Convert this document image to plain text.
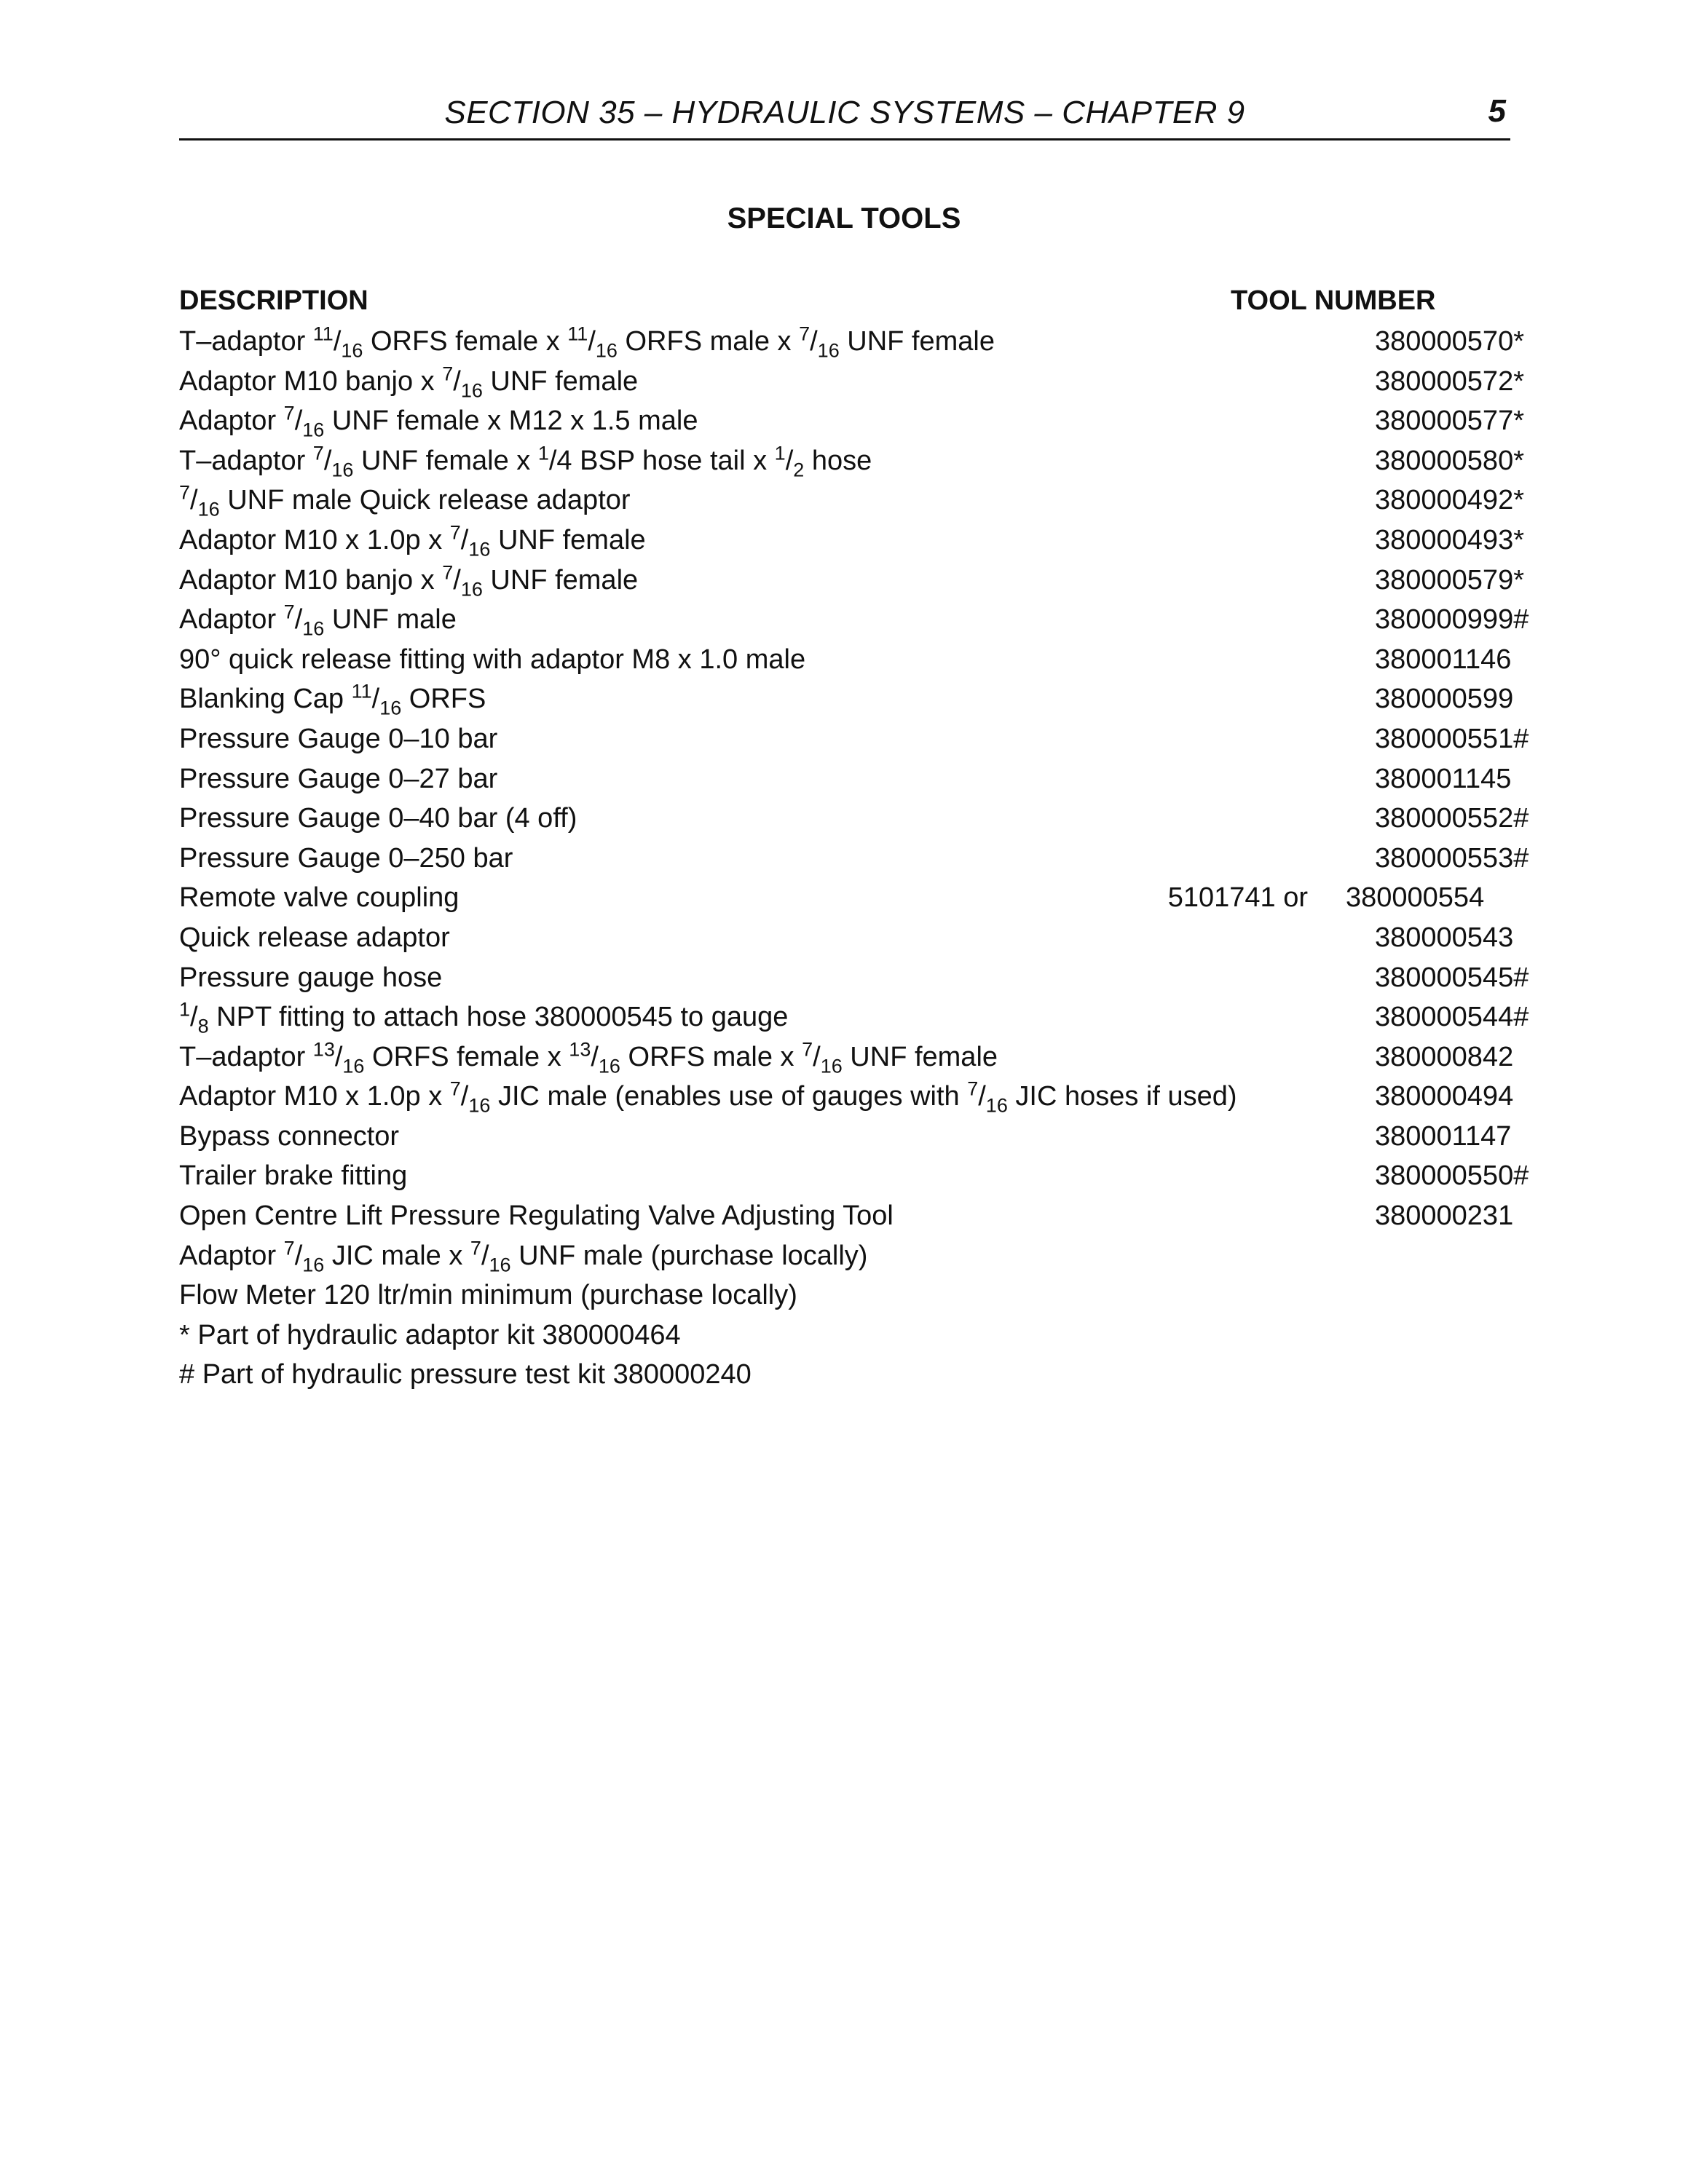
SECTION 35 – HYDRAULIC SYSTEMS – CHAPTER 9	5
SPECIAL TOOLS
DESCRIPTION	TOOL NUMBER
T–adaptor $^{11}/_{16}$ ORFS female x $^{11}/_{16}$ ORFS male x $^7/_{16}$ UNF female	380000570*
Adaptor M10 banjo x $^7/_{16}$ UNF female	380000572*
Adaptor $^7/_{16}$ UNF female x M12 x 1.5 male	380000577*
T–adaptor $^7/_{16}$ UNF female x $^1$/4 BSP hose tail x $^1/_2$ hose	380000580*
$^7/_{16}$ UNF male Quick release adaptor	380000492*
Adaptor M10 x 1.0p x $^7/_{16}$ UNF female	380000493*
Adaptor M10 banjo x $^7/_{16}$ UNF female	380000579*
Adaptor $^7/_{16}$ UNF male	380000999#
90° quick release fitting with adaptor M8 x 1.0 male	380001146
Blanking Cap $^{11}/_{16}$ ORFS	380000599
Pressure Gauge 0–10 bar	380000551#
Pressure Gauge 0–27 bar	380001145
Pressure Gauge 0–40 bar (4 off)	380000552#
Pressure Gauge 0–250 bar	380000553#
Remote valve coupling	5101741 or	380000554
Quick release adaptor	380000543
Pressure gauge hose	380000545#
$^1/_8$ NPT fitting to attach hose 380000545 to gauge	380000544#
T–adaptor $^{13}/_{16}$ ORFS female x $^{13}/_{16}$ ORFS male x $^7/_{16}$ UNF female	380000842
Adaptor M10 x 1.0p x $^7/_{16}$ JIC male (enables use of gauges with $^7/_{16}$ JIC hoses if used)	380000494
Bypass connector	380001147
Trailer brake fitting	380000550#
Open Centre Lift Pressure Regulating Valve Adjusting Tool	380000231
Adaptor $^7/_{16}$ JIC male x $^7/_{16}$ UNF male (purchase locally)
Flow Meter 120 ltr/min minimum (purchase locally)
* Part of hydraulic adaptor kit 380000464
# Part of hydraulic pressure test kit 380000240
